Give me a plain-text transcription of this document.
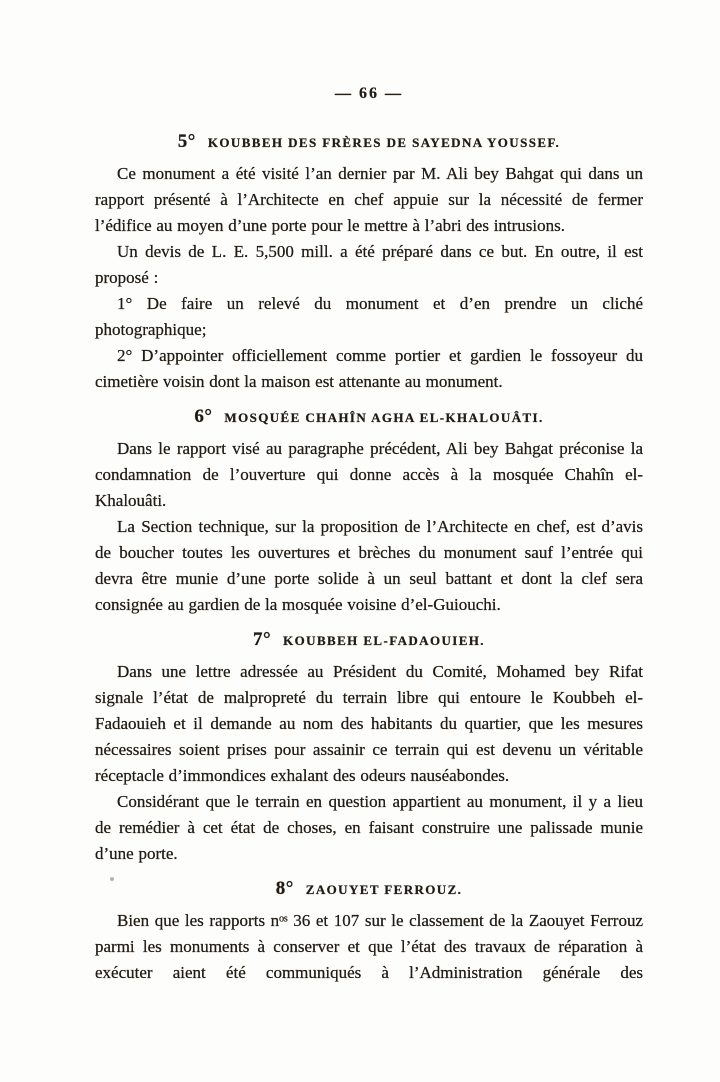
— 66 —
5° KOUBBEH DES FRÈRES DE SAYEDNA YOUSSEF.

Ce monument a été visité l’an dernier par M. Ali bey Bahgat qui dans un rapport présenté à l’Architecte en chef appuie sur la nécessité de fermer l’édifice au moyen d’une porte pour le mettre à l’abri des intrusions.

Un devis de L. E. 5,500 mill. a été préparé dans ce but. En outre, il est proposé :

1° De faire un relevé du monument et d’en prendre un cliché photographique;

2° D’appointer officiellement comme portier et gardien le fossoyeur du cimetière voisin dont la maison est attenante au monument.

6° MOSQUÉE CHAHÎN AGHA EL-KHALOUÂTI.

Dans le rapport visé au paragraphe précédent, Ali bey Bahgat préconise la condamnation de l’ouverture qui donne accès à la mosquée Chahîn el-Khalouâti.

La Section technique, sur la proposition de l’Architecte en chef, est d’avis de boucher toutes les ouvertures et brèches du monument sauf l’entrée qui devra être munie d’une porte solide à un seul battant et dont la clef sera consignée au gardien de la mosquée voisine d’el-Guiouchi.

7° KOUBBEH EL-FADAOUIEH.

Dans une lettre adressée au Président du Comité, Mohamed bey Rifat signale l’état de malpropreté du terrain libre qui entoure le Koubbeh el-Fadaouieh et il demande au nom des habitants du quartier, que les mesures nécessaires soient prises pour assainir ce terrain qui est devenu un véritable réceptacle d’immondices exhalant des odeurs nauséabondes.

Considérant que le terrain en question appartient au monument, il y a lieu de remédier à cet état de choses, en faisant construire une palissade munie d’une porte.

8° ZAOUYET FERROUZ.

Bien que les rapports nᵒˢ 36 et 107 sur le classement de la Zaouyet Ferrouz parmi les monuments à conserver et que l’état des travaux de réparation à exécuter aient été communiqués à l’Administration générale des
